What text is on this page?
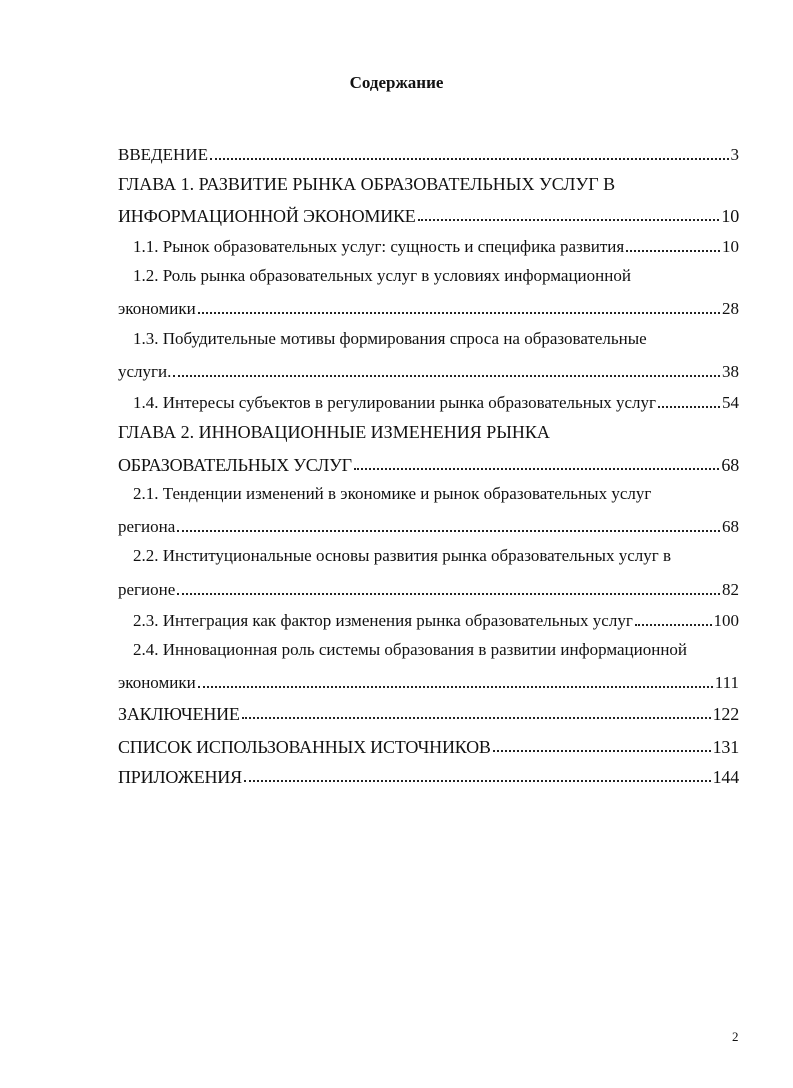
Содержание
ВВЕДЕНИЕ	3
ГЛАВА 1. РАЗВИТИЕ РЫНКА ОБРАЗОВАТЕЛЬНЫХ УСЛУГ В
ИНФОРМАЦИОННОЙ ЭКОНОМИКЕ	10
1.1. Рынок образовательных услуг: сущность и специфика развития	10
1.2. Роль рынка образовательных услуг в условиях информационной
экономики	28
1.3. Побудительные мотивы формирования спроса на образовательные
услуги.	38
1.4. Интересы субъектов в регулировании рынка образовательных услуг	54
ГЛАВА 2. ИННОВАЦИОННЫЕ ИЗМЕНЕНИЯ РЫНКА
ОБРАЗОВАТЕЛЬНЫХ УСЛУГ	68
2.1. Тенденции изменений в экономике и рынок образовательных услуг
региона	68
2.2. Институциональные основы развития рынка образовательных услуг в
регионе	82
2.3. Интеграция как фактор изменения рынка образовательных услуг	100
2.4. Инновационная роль системы образования в развитии информационной
экономики	111
ЗАКЛЮЧЕНИЕ	122
СПИСОК ИСПОЛЬЗОВАННЫХ ИСТОЧНИКОВ	131
ПРИЛОЖЕНИЯ	144
2
